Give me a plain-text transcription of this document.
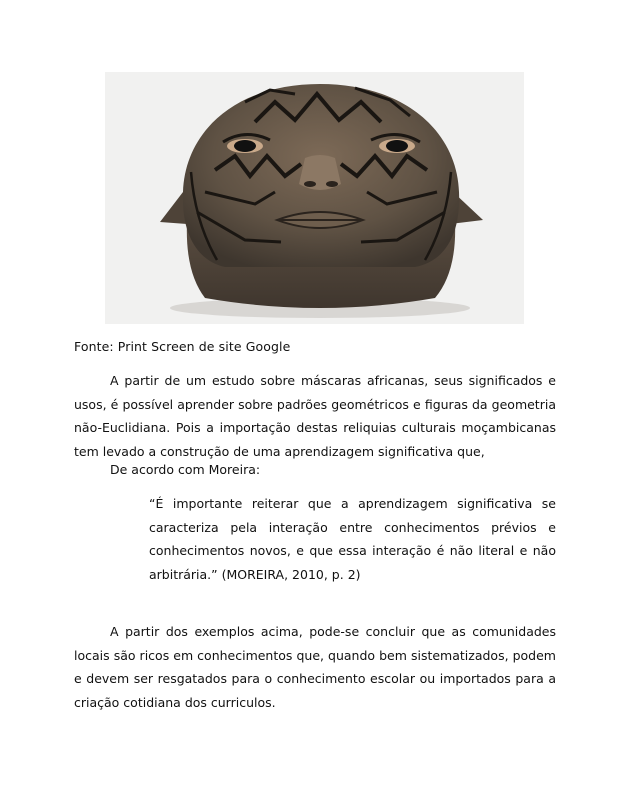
Fonte: Print Screen de site Google

A partir de um estudo sobre máscaras africanas, seus significados e usos, é possível aprender sobre padrões geométricos e figuras da geometria não-Euclidiana. Pois a importação destas reliquias culturais moçambicanas tem levado a construção de uma aprendizagem significativa que,

De acordo com Moreira:

“É importante reiterar que a aprendizagem significativa se caracteriza pela interação entre conhecimentos prévios e conhecimentos novos, e que essa interação é não literal e não arbitrária.” (MOREIRA, 2010, p. 2)

A partir dos exemplos acima, pode-se concluir que as comunidades locais são ricos em conhecimentos que, quando bem sistematizados, podem e devem ser resgatados para o conhecimento escolar ou importados para a criação cotidiana dos curriculos.
